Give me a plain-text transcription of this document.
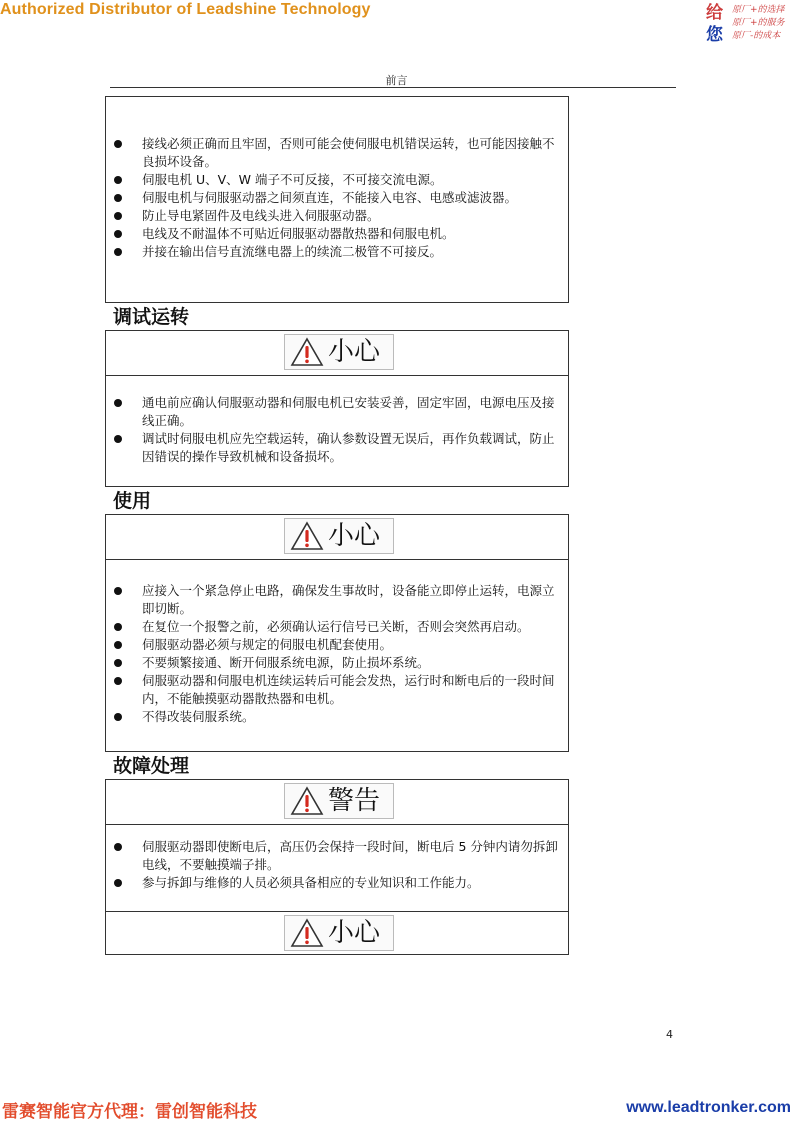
Authorized Distributor of Leadshine Technology	给
您
原厂+的选择
原厂+的服务
原厂-的成本
前言
接线必须正确而且牢固，否则可能会使伺服电机错误运转，也可能因接触不良损坏设备。
伺服电机 U、V、W 端子不可反接，不可接交流电源。
伺服电机与伺服驱动器之间须直连，不能接入电容、电感或滤波器。
防止导电紧固件及电线头进入伺服驱动器。
电线及不耐温体不可贴近伺服驱动器散热器和伺服电机。
并接在输出信号直流继电器上的续流二极管不可接反。
调试运转
小心
通电前应确认伺服驱动器和伺服电机已安装妥善，固定牢固，电源电压及接线正确。
调试时伺服电机应先空载运转，确认参数设置无误后，再作负载调试，防止因错误的操作导致机械和设备损坏。
使用
小心
应接入一个紧急停止电路，确保发生事故时，设备能立即停止运转，电源立即切断。
在复位一个报警之前，必须确认运行信号已关断，否则会突然再启动。
伺服驱动器必须与规定的伺服电机配套使用。
不要频繁接通、断开伺服系统电源，防止损坏系统。
伺服驱动器和伺服电机连续运转后可能会发热，运行时和断电后的一段时间内，不能触摸驱动器散热器和电机。
不得改装伺服系统。
故障处理
警告
伺服驱动器即使断电后，高压仍会保持一段时间，断电后 5 分钟内请勿拆卸电线，不要触摸端子排。
参与拆卸与维修的人员必须具备相应的专业知识和工作能力。
小心
4
雷赛智能官方代理：雷创智能科技	www.leadtronker.com
